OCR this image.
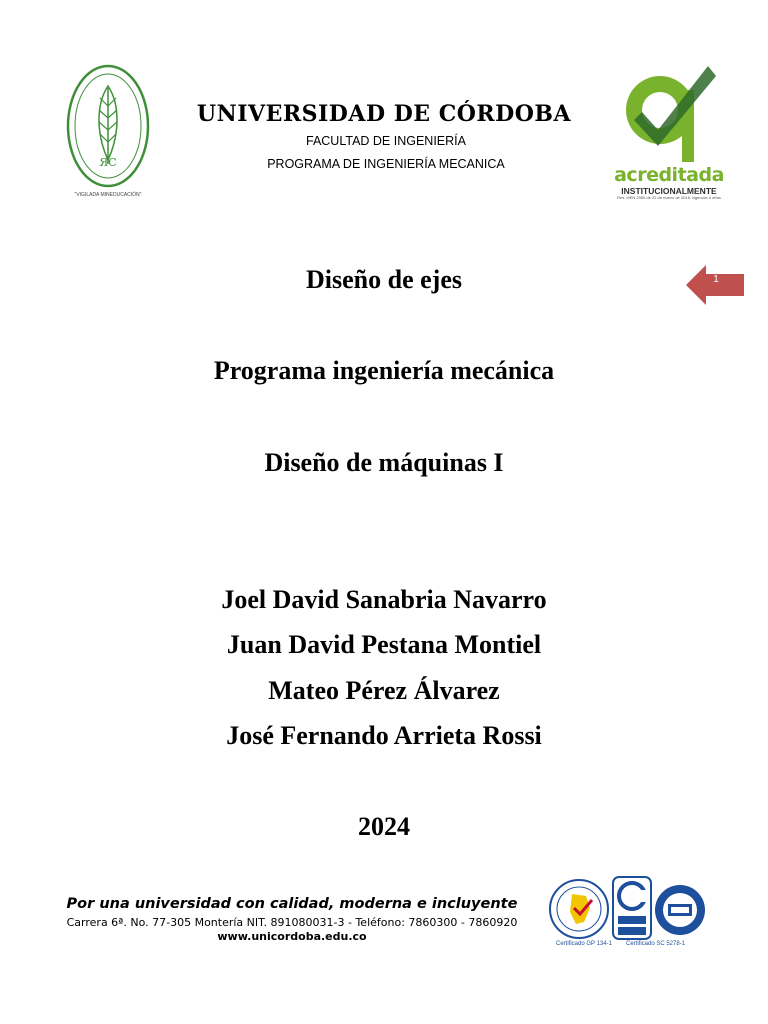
ЯC
"VIGILADA MINEDUCACIÓN"
UNIVERSIDAD DE CÓRDOBA
FACULTAD DE INGENIERÍA
PROGRAMA DE INGENIERÍA MECANICA	acreditada
INSTITUCIONALMENTE
Res. MEN 2950 de 22 de marzo de 2018, vigencia: 4 años
1
Diseño de ejes
Programa ingeniería mecánica
Diseño de máquinas I
Joel David Sanabria Navarro
Juan David Pestana Montiel
Mateo Pérez Álvarez
José Fernando Arrieta Rossi
2024
Por una universidad con calidad, moderna e incluyente
Carrera 6ª. No. 77-305 Montería NIT. 891080031-3 - Teléfono: 7860300 - 7860920
www.unicordoba.edu.co
Certificado GP 134-1 Certificado SC 5278-1
